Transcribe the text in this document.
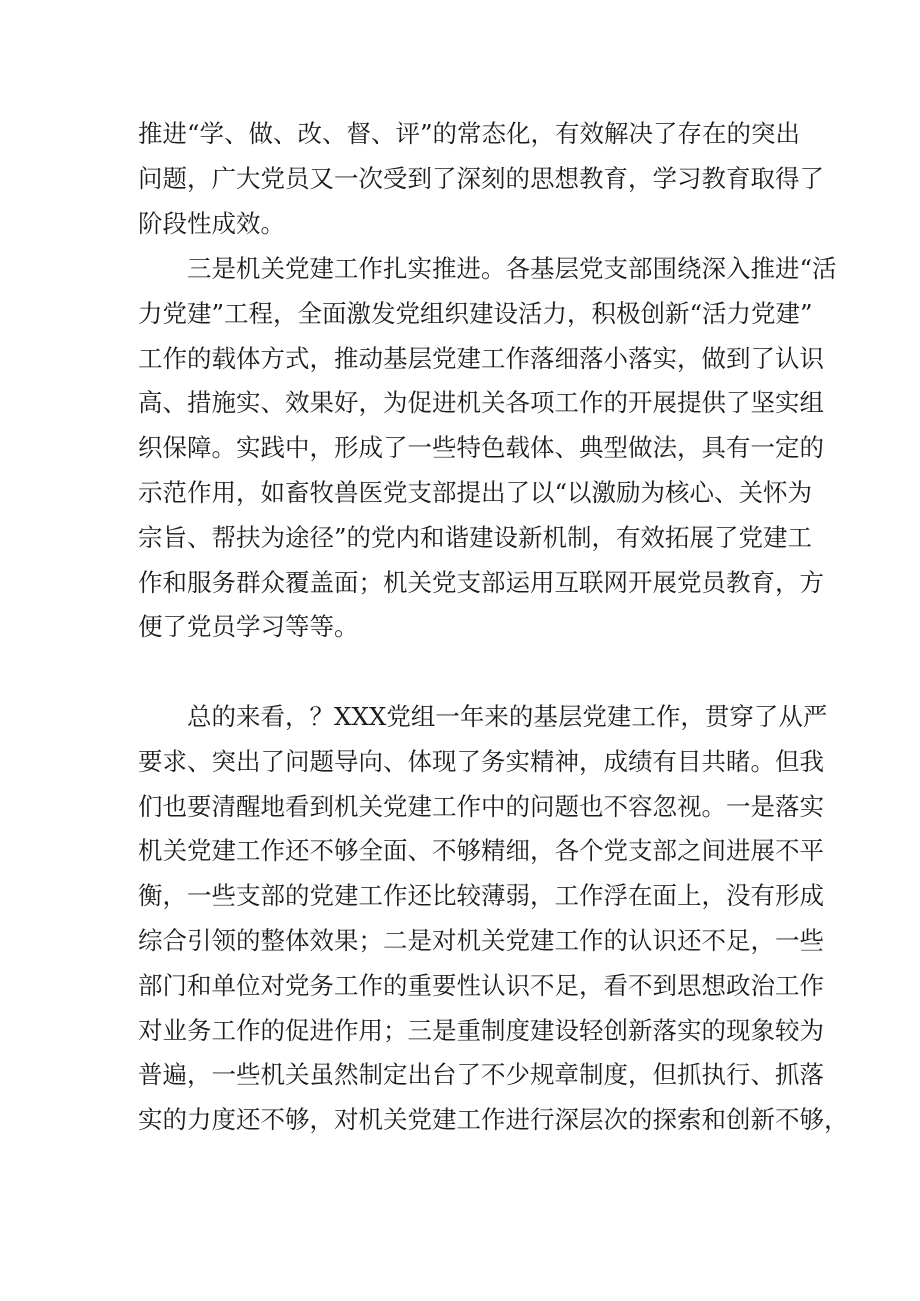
推进“学、做、改、督、评”的常态化，有效解决了存在的突出
问题，广大党员又一次受到了深刻的思想教育，学习教育取得了
阶段性成效。
三是机关党建工作扎实推进。各基层党支部围绕深入推进“活
力党建”工程，全面激发党组织建设活力，积极创新“活力党建”
工作的载体方式，推动基层党建工作落细落小落实，做到了认识
高、措施实、效果好，为促进机关各项工作的开展提供了坚实组
织保障。实践中，形成了一些特色载体、典型做法，具有一定的
示范作用，如畜牧兽医党支部提出了以“以激励为核心、关怀为
宗旨、帮扶为途径”的党内和谐建设新机制，有效拓展了党建工
作和服务群众覆盖面；机关党支部运用互联网开展党员教育，方
便了党员学习等等。
总的来看，？XXX党组一年来的基层党建工作，贯穿了从严
要求、突出了问题导向、体现了务实精神，成绩有目共睹。但我
们也要清醒地看到机关党建工作中的问题也不容忽视。一是落实
机关党建工作还不够全面、不够精细，各个党支部之间进展不平
衡，一些支部的党建工作还比较薄弱，工作浮在面上，没有形成
综合引领的整体效果；二是对机关党建工作的认识还不足，一些
部门和单位对党务工作的重要性认识不足，看不到思想政治工作
对业务工作的促进作用；三是重制度建设轻创新落实的现象较为
普遍，一些机关虽然制定出台了不少规章制度，但抓执行、抓落
实的力度还不够，对机关党建工作进行深层次的探索和创新不够，
